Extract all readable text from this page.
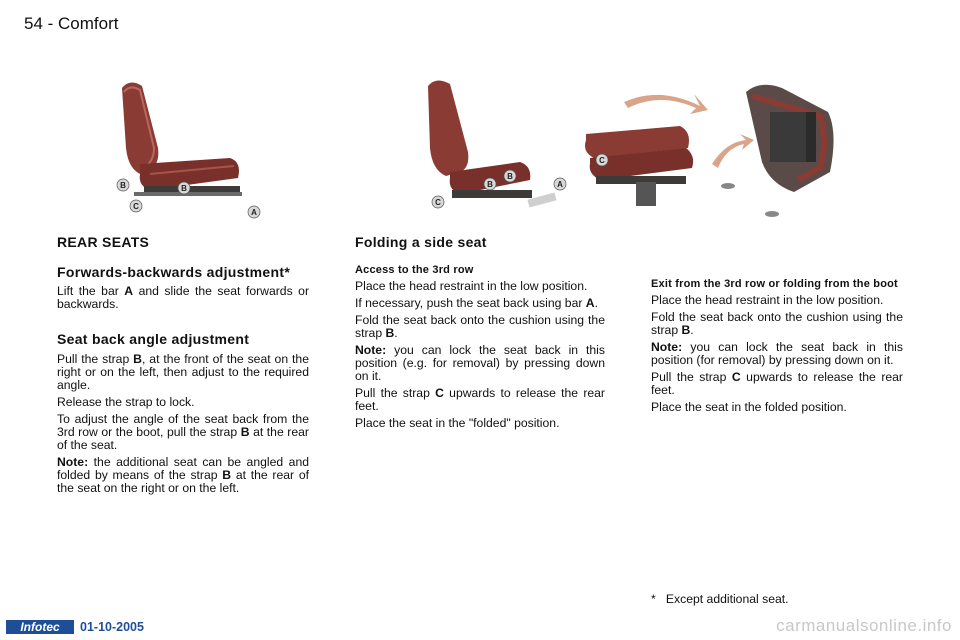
54 - Comfort
B	B
C
A
B
B
C
A
C
REAR SEATS
Forwards-backwards adjustment*

Lift the bar A and slide the seat forwards or backwards.

Seat back angle adjustment

Pull the strap B, at the front of the seat on the right or on the left, then adjust to the required angle.

Release the strap to lock.

To adjust the angle of the seat back from the 3rd row or the boot, pull the strap B at the rear of the seat.

Note: the additional seat can be angled and folded by means of the strap B at the rear of the seat on the right or on the left.

Folding a side seat
Access to the 3rd row

Place the head restraint in the low position.

If necessary, push the seat back using bar A.

Fold the seat back onto the cushion using the strap B.

Note: you can lock the seat back in this position (e.g. for removal) by pressing down on it.

Pull the strap C upwards to release the rear feet.

Place the seat in the "folded" position.

Exit from the 3rd row or folding from the boot

Place the head restraint in the low position.

Fold the seat back onto the cushion using the strap B.

Note: you can lock the seat back in this position (for removal) by pressing down on it.

Pull the strap C upwards to release the rear feet.

Place the seat in the folded position.

*   Except additional seat.
Infotec	01-10-2005	carmanualsonline.info
